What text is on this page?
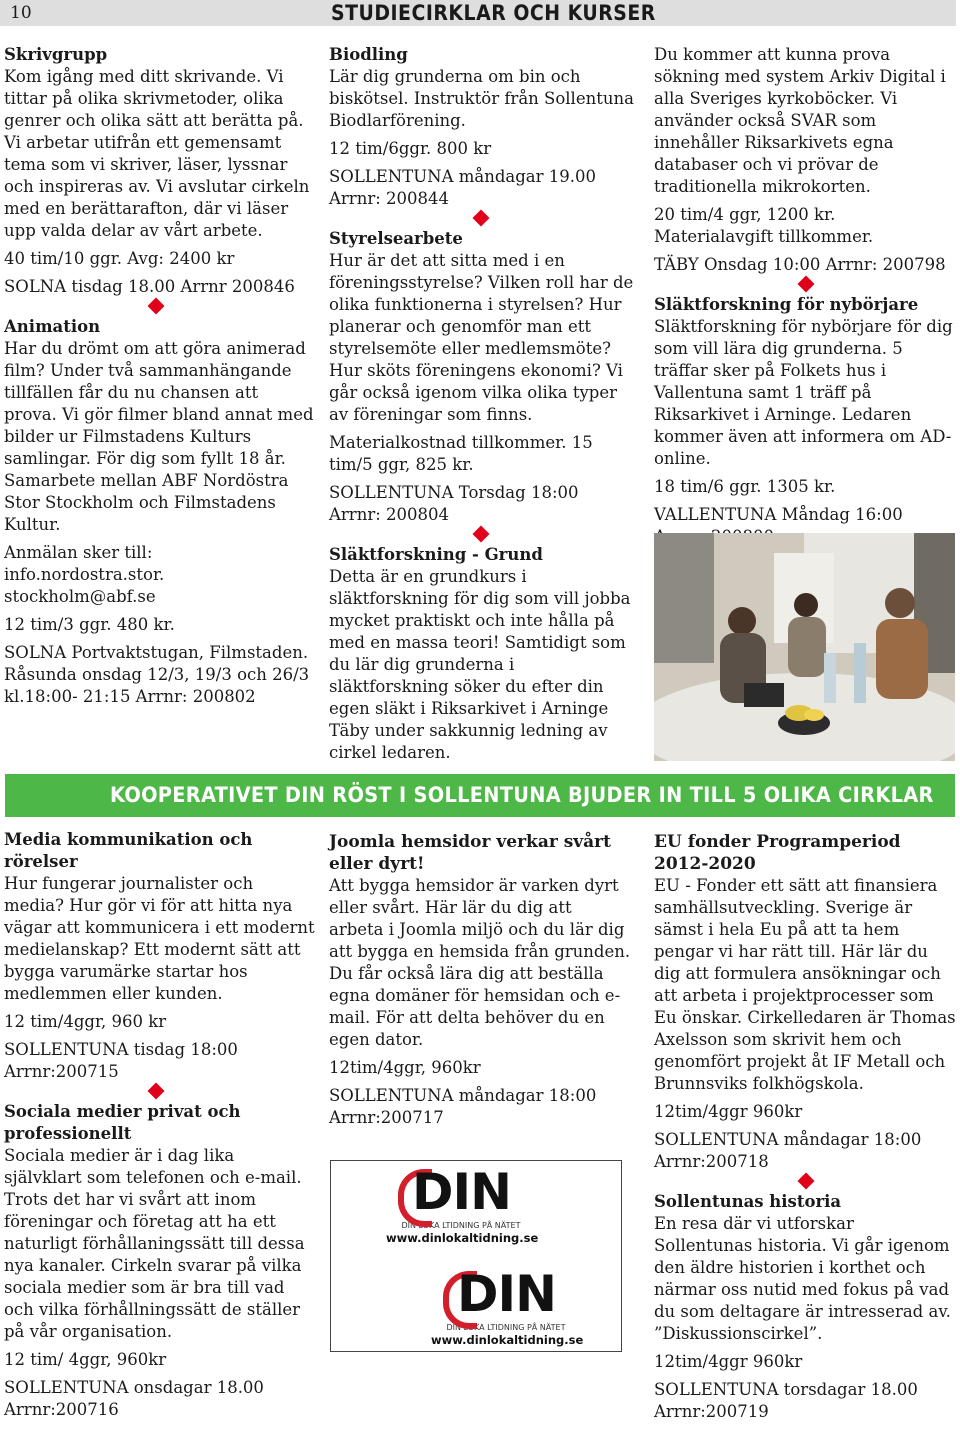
10	STUDIECIRKLAR OCH KURSER
Skrivgrupp

Kom igång med ditt skrivande. Vi tittar på olika skrivmetoder, olika genrer och olika sätt att berätta på. Vi arbetar utifrån ett gemensamt tema som vi skriver, läser, lyssnar och inspireras av. Vi avslutar cirkeln med en berättarafton, där vi läser upp valda delar av vårt arbete.

40 tim/10 ggr. Avg: 2400 kr

SOLNA tisdag 18.00 Arrnr 200846

Animation

Har du drömt om att göra animerad film? Under två sammanhängande tillfällen får du nu chansen att prova. Vi gör filmer bland annat med bilder ur Filmstadens Kulturs samlingar. För dig som fyllt 18 år. Samarbete mellan ABF Nordöstra Stor Stockholm och Filmstadens Kultur.

Anmälan sker till: info.nordostra.stor. stockholm@abf.se

12 tim/3 ggr. 480 kr.

SOLNA Portvaktstugan, Filmstaden. Råsunda onsdag 12/3, 19/3 och 26/3 kl.18:00- 21:15 Arrnr: 200802

Biodling

Lär dig grunderna om bin och biskötsel. Instruktör från Sollentuna Biodlarförening.

12 tim/6ggr. 800 kr

SOLLENTUNA måndagar 19.00 Arrnr: 200844

Styrelsearbete

Hur är det att sitta med i en föreningsstyrelse? Vilken roll har de olika funktionerna i styrelsen? Hur planerar och genomför man ett styrelsemöte eller medlemsmöte? Hur sköts föreningens ekonomi? Vi går också igenom vilka olika typer av föreningar som finns.

Materialkostnad tillkommer. 15 tim/5 ggr, 825 kr.

SOLLENTUNA Torsdag 18:00 Arrnr: 200804

Släktforskning - Grund

Detta är en grundkurs i släktforskning för dig som vill jobba mycket praktiskt och inte hålla på med en massa teori! Samtidigt som du lär dig grunderna i släktforskning söker du efter din egen släkt i Riksarkivet i Arninge Täby under sakkunnig ledning av cirkel ledaren.

Du kommer att kunna prova sökning med system Arkiv Digital i alla Sveriges kyrkoböcker. Vi använder också SVAR som innehåller Riksarkivets egna databaser och vi prövar de traditionella mikrokorten.

20 tim/4 ggr, 1200 kr. Materialavgift tillkommer.

TÄBY Onsdag 10:00 Arrnr: 200798

Släktforskning för nybörjare

Släktforskning för nybörjare för dig som vill lära dig grunderna. 5 träffar sker på Folkets hus i Vallentuna samt 1 träff på Riksarkivet i Arninge. Ledaren kommer även att informera om AD-online.

18 tim/6 ggr. 1305 kr.

VALLENTUNA Måndag 16:00

KOOPERATIVET DIN RÖST I SOLLENTUNA BJUDER IN TILL 5 OLIKA CIRKLAR
Media kommunikation och rörelser

Hur fungerar journalister och media? Hur gör vi för att hitta nya vägar att kommunicera i ett modernt medielanskap? Ett modernt sätt att bygga varumärke startar hos medlemmen eller kunden.

12 tim/4ggr, 960 kr

SOLLENTUNA tisdag 18:00 Arrnr:200715

Sociala medier privat och professionellt

Sociala medier är i dag lika självklart som telefonen och e-mail. Trots det har vi svårt att inom föreningar och företag att ha ett naturligt förhållaningssätt till dessa nya kanaler. Cirkeln svarar på vilka sociala medier som är bra till vad och vilka förhållningssätt de ställer på vår organisation.

12 tim/ 4ggr, 960kr

SOLLENTUNA onsdagar 18.00 Arrnr:200716

Joomla hemsidor verkar svårt eller dyrt!

Att bygga hemsidor är varken dyrt eller svårt. Här lär du dig att arbeta i Joomla miljö och du lär dig att bygga en hemsida från grunden. Du får också lära dig att beställa egna domäner för hemsidan och e-mail. För att delta behöver du en egen dator.

12tim/4ggr, 960kr

SOLLENTUNA måndagar 18:00 Arrnr:200717

DIN
DIN LOKA LTIDNING PÅ NÄTET
www.dinlokaltidning.se
DIN
DIN LOKA LTIDNING PÅ NÄTET
www.dinlokaltidning.se
EU fonder Programperiod 2012-2020

EU - Fonder ett sätt att finansiera samhällsutveckling. Sverige är sämst i hela Eu på att ta hem pengar vi har rätt till. Här lär du dig att formulera ansökningar och att arbeta i projektprocesser som Eu önskar. Cirkelledaren är Thomas Axelsson som skrivit hem och genomfört projekt åt IF Metall och Brunnsviks folkhögskola.

12tim/4ggr 960kr

SOLLENTUNA måndagar 18:00 Arrnr:200718

Sollentunas historia

En resa där vi utforskar Sollentunas historia. Vi går igenom den äldre historien i korthet och närmar oss nutid med fokus på vad du som deltagare är intresserad av. ”Diskussionscirkel”.

12tim/4ggr 960kr

SOLLENTUNA torsdagar 18.00 Arrnr:200719
